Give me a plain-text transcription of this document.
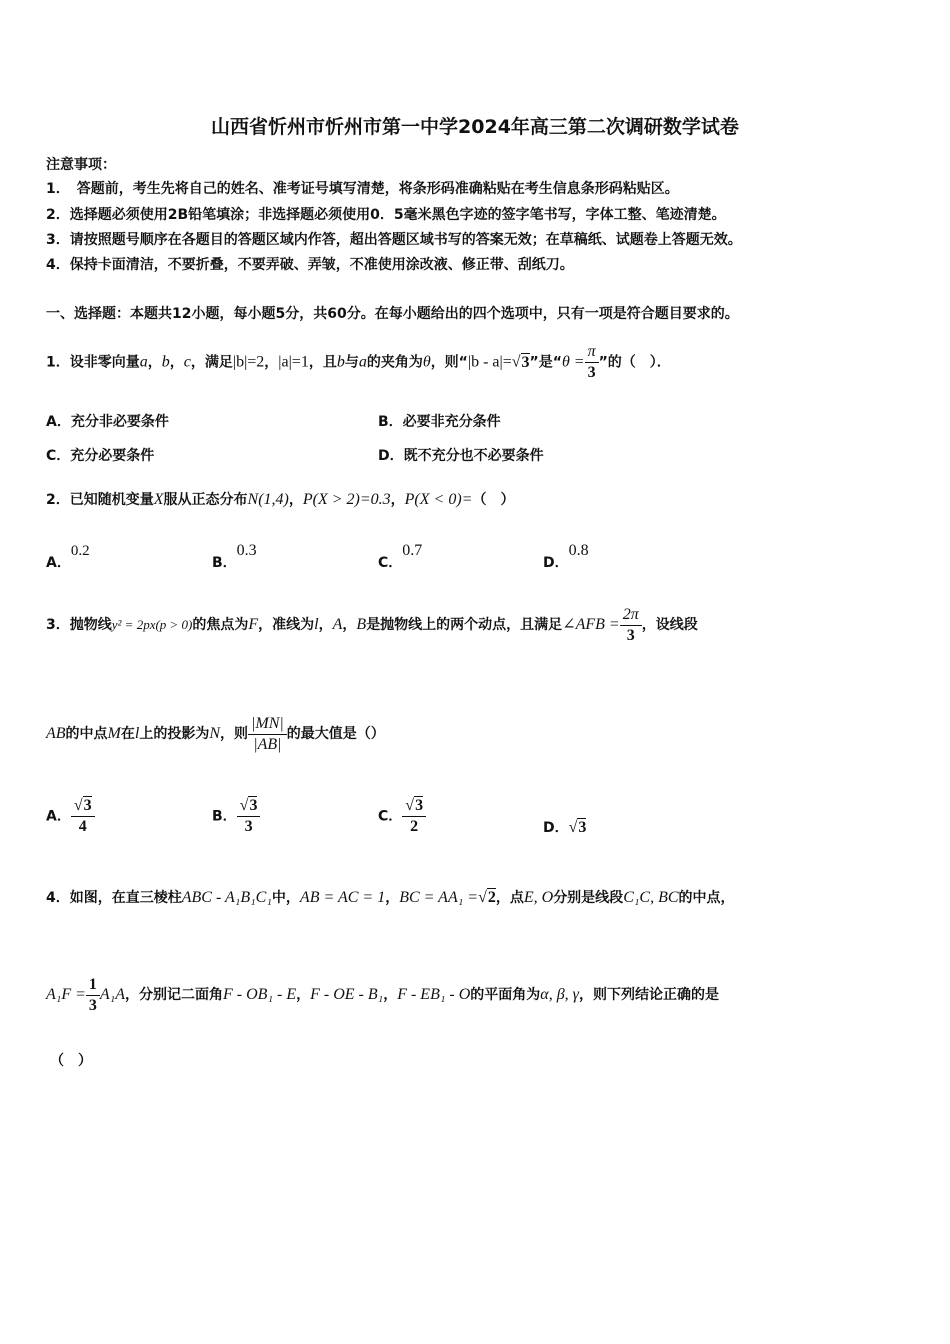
山西省忻州市忻州市第一中学2024年高三第二次调研数学试卷
注意事项：
1．　答题前，考生先将自己的姓名、准考证号填写清楚，将条形码准确粘贴在考生信息条形码粘贴区。
2．选择题必须使用2B铅笔填涂；非选择题必须使用0．5毫米黑色字迹的签字笔书写，字体工整、笔迹清楚。
3．请按照题号顺序在各题目的答题区域内作答，超出答题区域书写的答案无效；在草稿纸、试题卷上答题无效。
4．保持卡面清洁，不要折叠，不要弄破、弄皱，不准使用涂改液、修正带、刮纸刀。
一、选择题：本题共12小题，每小题5分，共60分。在每小题给出的四个选项中，只有一项是符合题目要求的。
1．设非零向量a，b，c，满足|b|=2，|a|=1，且b与a的夹角为θ，则“|b - a|=√3”是“$\theta = \frac{\pi}{3}$ ”的（　）．
A．充分非必要条件	B．必要非充分条件
C．充分必要条件	D．既不充分也不必要条件
2．已知随机变量X服从正态分布N(1,4)，P(X > 2)=0.3，P(X < 0)=（　）
A．0.2
B．0.3
C．0.7
D．0.8
3．抛物线y² = 2px(p > 0)的焦点为F，准线为l，A，B是抛物线上的两个动点，且满足∠AFB = $\frac{2\pi}{3}$ ，设线段
AB的中点M在l上的投影为N，则 $\frac{|MN|}{|AB|}$ 的最大值是（）
A． $\frac{√3}{4}$	B． $\frac{√3}{3}$	C． $\frac{√3}{2}$	D．√3
4．如图，在直三棱柱ABC - A₁B₁C₁中，AB = AC = 1，BC = AA₁ =√2，点E, O分别是线段C₁C, BC的中点，
$A_1F = \frac{1}{3} A_1A$，分别记二面角F - OB₁ - E，F - OE - B₁，F - EB₁ - O的平面角为α, β, γ，则下列结论正确的是
（　）
